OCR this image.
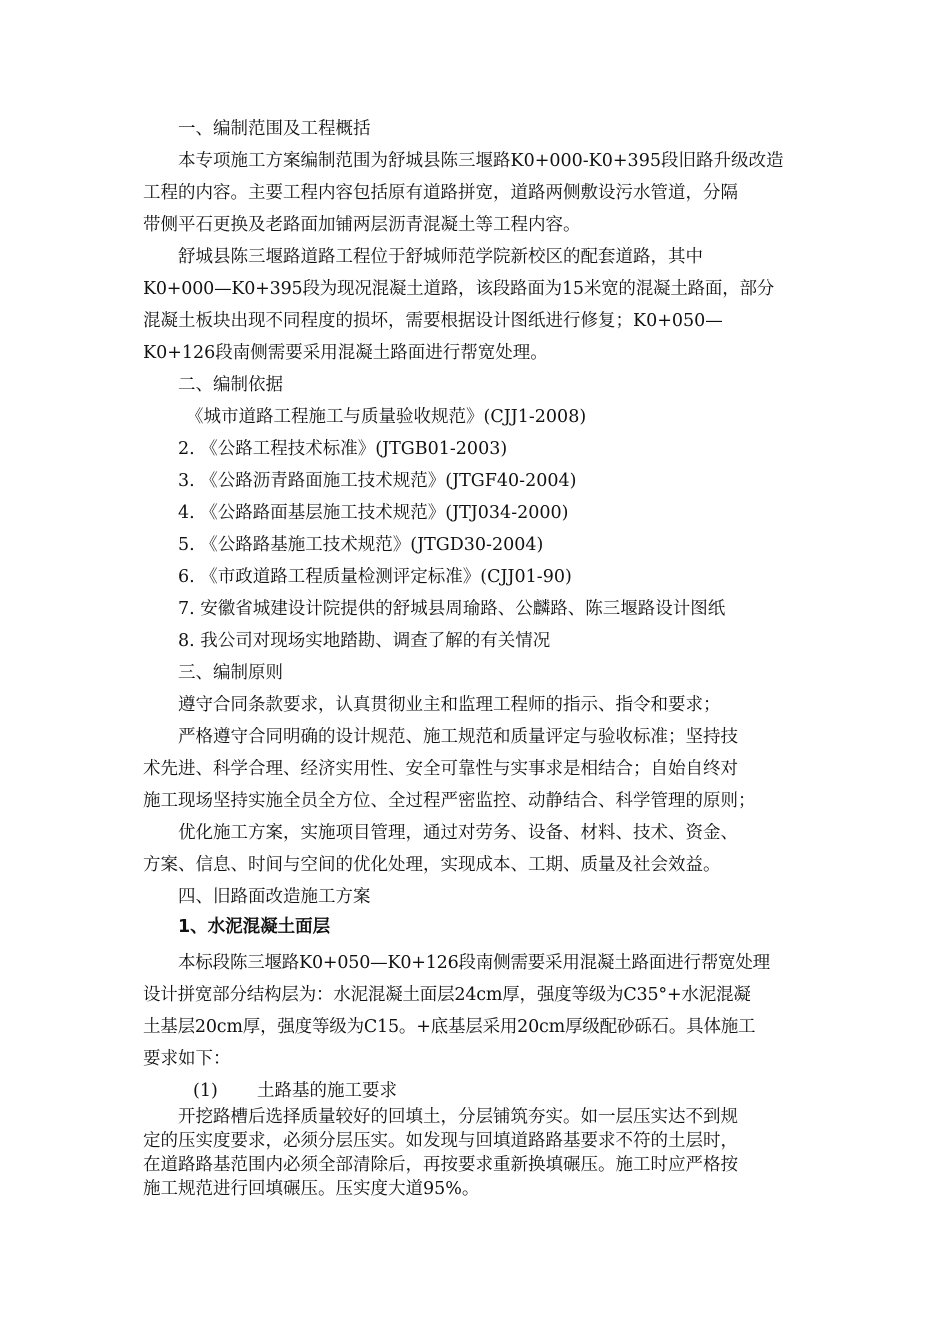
一、编制范围及工程概括
本专项施工方案编制范围为舒城县陈三堰路K0+000-K0+395段旧路升级改造
工程的内容。主要工程内容包括原有道路拼宽，道路两侧敷设污水管道，分隔
带侧平石更换及老路面加铺两层沥青混凝土等工程内容。
舒城县陈三堰路道路工程位于舒城师范学院新校区的配套道路，其中
K0+000—K0+395段为现况混凝土道路，该段路面为15米宽的混凝土路面，部分
混凝土板块出现不同程度的损坏，需要根据设计图纸进行修复；K0+050—
K0+126段南侧需要采用混凝土路面进行帮宽处理。
二、编制依据
《城市道路工程施工与质量验收规范》(CJJ1-2008)
2. 《公路工程技术标准》(JTGB01-2003)
3. 《公路沥青路面施工技术规范》(JTGF40-2004)
4. 《公路路面基层施工技术规范》(JTJ034-2000)
5. 《公路路基施工技术规范》(JTGD30-2004)
6. 《市政道路工程质量检测评定标准》(CJJ01-90)
7. 安徽省城建设计院提供的舒城县周瑜路、公麟路、陈三堰路设计图纸
8. 我公司对现场实地踏勘、调查了解的有关情况
三、编制原则
遵守合同条款要求，认真贯彻业主和监理工程师的指示、指令和要求；
严格遵守合同明确的设计规范、施工规范和质量评定与验收标准；坚持技
术先进、科学合理、经济实用性、安全可靠性与实事求是相结合；自始自终对
施工现场坚持实施全员全方位、全过程严密监控、动静结合、科学管理的原则；
优化施工方案，实施项目管理，通过对劳务、设备、材料、技术、资金、
方案、信息、时间与空间的优化处理，实现成本、工期、质量及社会效益。
四、旧路面改造施工方案
1、水泥混凝土面层
本标段陈三堰路K0+050—K0+126段南侧需要采用混凝土路面进行帮宽处理
设计拼宽部分结构层为：水泥混凝土面层24cm厚，强度等级为C35°+水泥混凝
土基层20cm厚，强度等级为C15。+底基层采用20cm厚级配砂砾石。具体施工
要求如下：
(1) 土路基的施工要求
开挖路槽后选择质量较好的回填土，分层铺筑夯实。如一层压实达不到规
定的压实度要求，必须分层压实。如发现与回填道路路基要求不符的土层时，
在道路路基范围内必须全部清除后，再按要求重新换填碾压。施工时应严格按
施工规范进行回填碾压。压实度大道95%。
